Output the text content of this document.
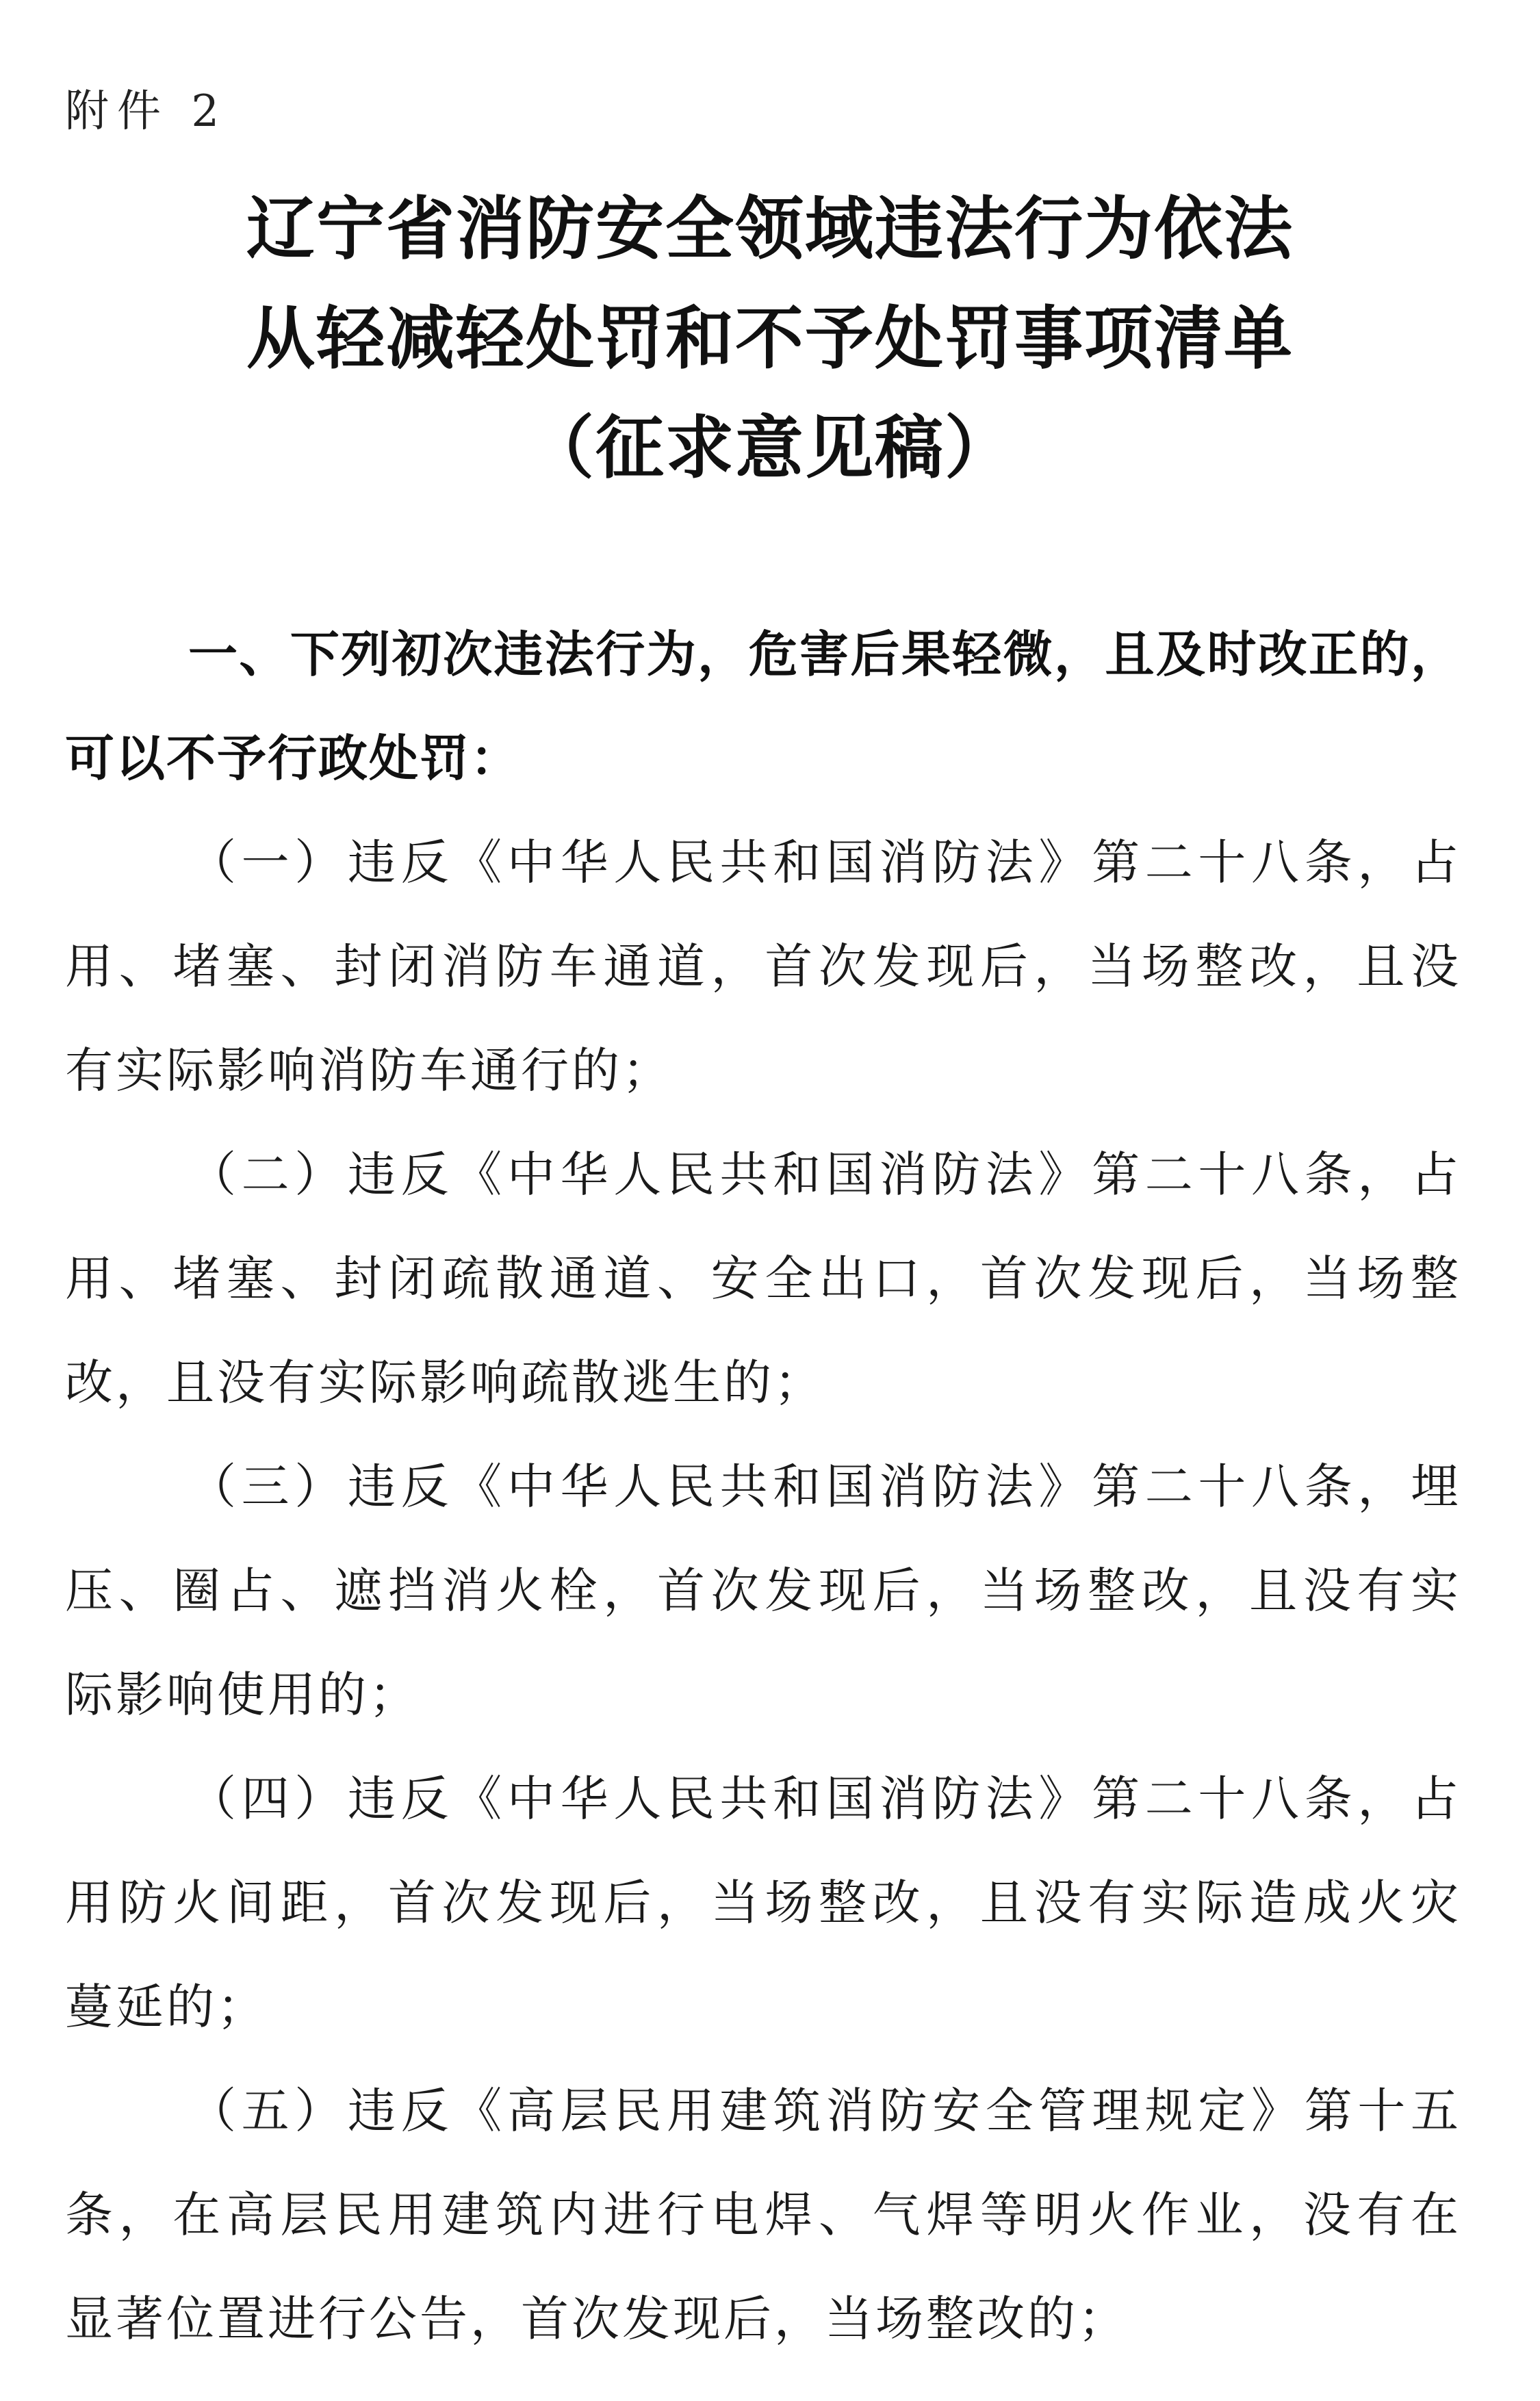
附件 2
辽宁省消防安全领域违法行为依法
从轻减轻处罚和不予处罚事项清单
（征求意见稿）
一、下列初次违法行为，危害后果轻微，且及时改正的，
可以不予行政处罚：
（一）违反《中华人民共和国消防法》第二十八条，占
用、堵塞、封闭消防车通道，首次发现后，当场整改，且没
有实际影响消防车通行的；
（二）违反《中华人民共和国消防法》第二十八条，占
用、堵塞、封闭疏散通道、安全出口，首次发现后，当场整
改，且没有实际影响疏散逃生的；
（三）违反《中华人民共和国消防法》第二十八条，埋
压、圈占、遮挡消火栓，首次发现后，当场整改，且没有实
际影响使用的；
（四）违反《中华人民共和国消防法》第二十八条，占
用防火间距，首次发现后，当场整改，且没有实际造成火灾
蔓延的；
（五）违反《高层民用建筑消防安全管理规定》第十五
条，在高层民用建筑内进行电焊、气焊等明火作业，没有在
显著位置进行公告，首次发现后，当场整改的；
